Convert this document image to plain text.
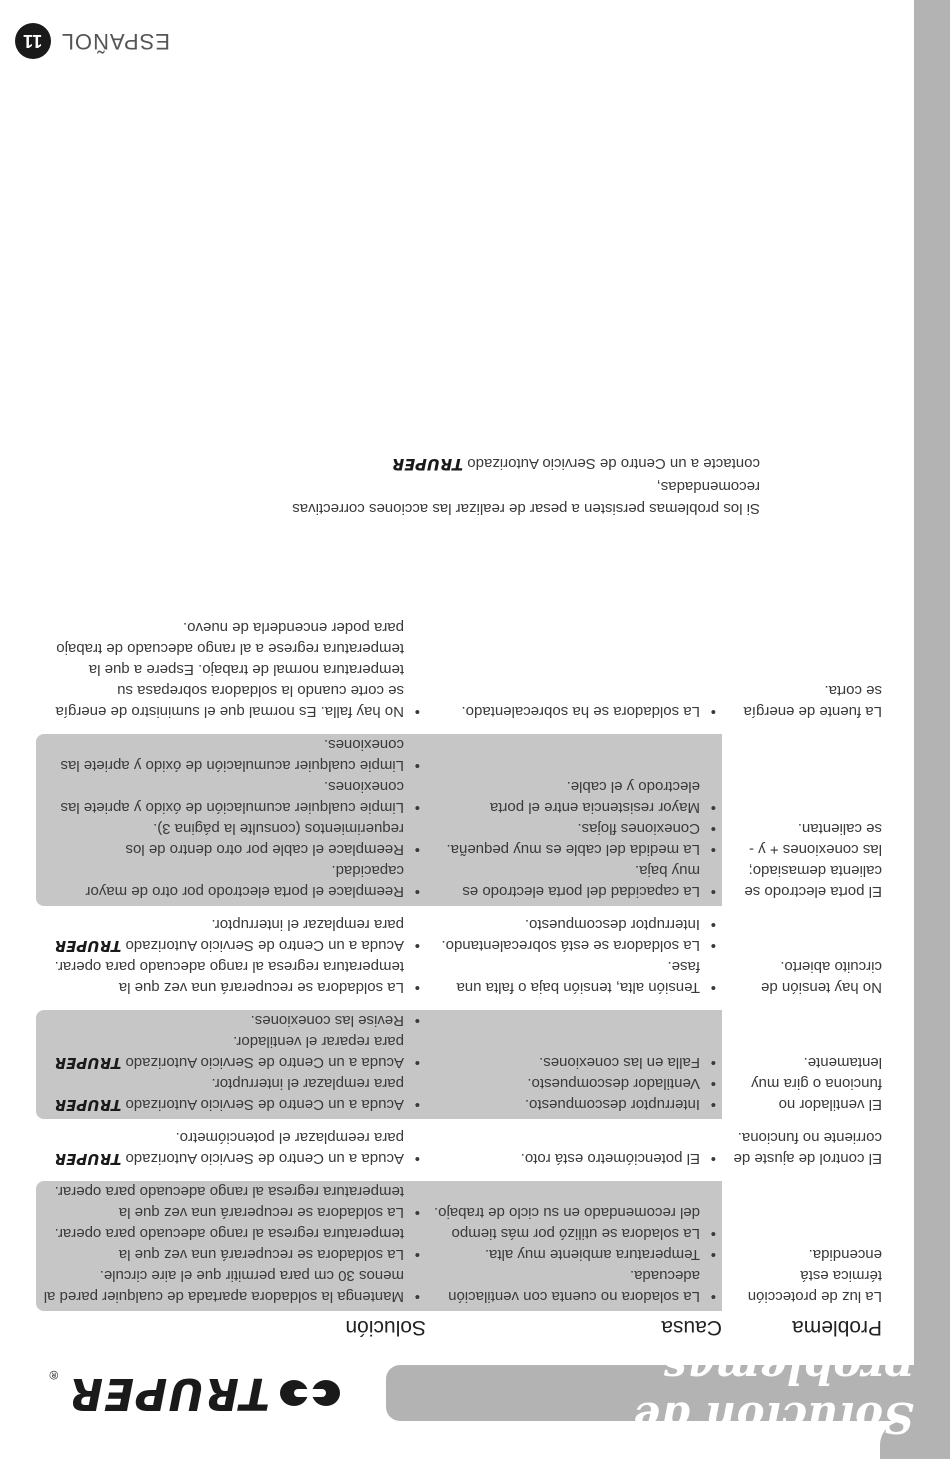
Solución de problemas
TRUPER
®
Problema
Causa
Solución
La luz de protección térmica está encendida.
•
La soladora no cuenta con ventilación adecuada.
•
Temperatura ambiente muy alta.
•
La soladora se utilizó por más tiempo del recomendado en su ciclo de trabajo.
•
Mantenga la soldadora apartada de cualquier pared al menos 30 cm para permitir que el aire circule.
•
La soldadora se recuperará una vez que la temperatura regresa al rango adecuado para operar.
•
La soldadora se recuperará una vez que la temperatura regresa al rango adecuado para operar.
El control de ajuste de corriente no funciona.
•
El potenciómetro está roto.
•
Acuda a un Centro de Servicio Autorizado TRUPER para reemplazar el potenciómetro.
El ventilador no funciona o gira muy lentamente.
•
Interruptor descompuesto.
•
Ventilador descompuesto.
•
Falla en las conexiones.
•
Acuda a un Centro de Servicio Autorizado TRUPER para remplazar el interruptor.
•
Acuda a un Centro de Servicio Autorizado TRUPER para reparar el ventilador.
•
Revise las conexiones.
No hay tensión de circuito abierto.
•
Tensión alta, tensión baja o falta una fase.
•
La soldadora se está sobrecalentando.
•
Interruptor descompuesto.
•
La soldadora se recuperará una vez que la temperatura regresa al rango adecuado para operar.
•
Acuda a un Centro de Servicio Autorizado TRUPER para remplazar el interruptor.
El porta electrodo se calienta demasiado; las conexiones + y - se calientan.
•
La capacidad del porta electrodo es muy baja.
•
La medida del cable es muy pequeña.
•
Conexiones flojas.
•
Mayor resistencia entre el porta electrodo y el cable.
•
Reemplace el porta electrodo por otro de mayor capacidad.
•
Reemplace el cable por otro dentro de los requerimientos (consulte la página 3).
•
Limpie cualquier acumulación de óxido y apriete las conexiones.
•
Limpie cualquier acumulación de óxido y apriete las conexiones.
La fuente de energía se corta.
•
La soldadora se ha sobrecalentado.
•
No hay falla. Es normal que el suministro de energía se corte cuando la soldadora sobrepasa su temperatura normal de trabajo. Espere a que la temperatura regrese a al rango adecuado de trabajo para poder encenderla de nuevo.
Si los problemas persisten a pesar de realizar las acciones correctivas recomendadas,
contacte a un Centro de Servicio Autorizado TRUPER
ESPAÑOL
11
